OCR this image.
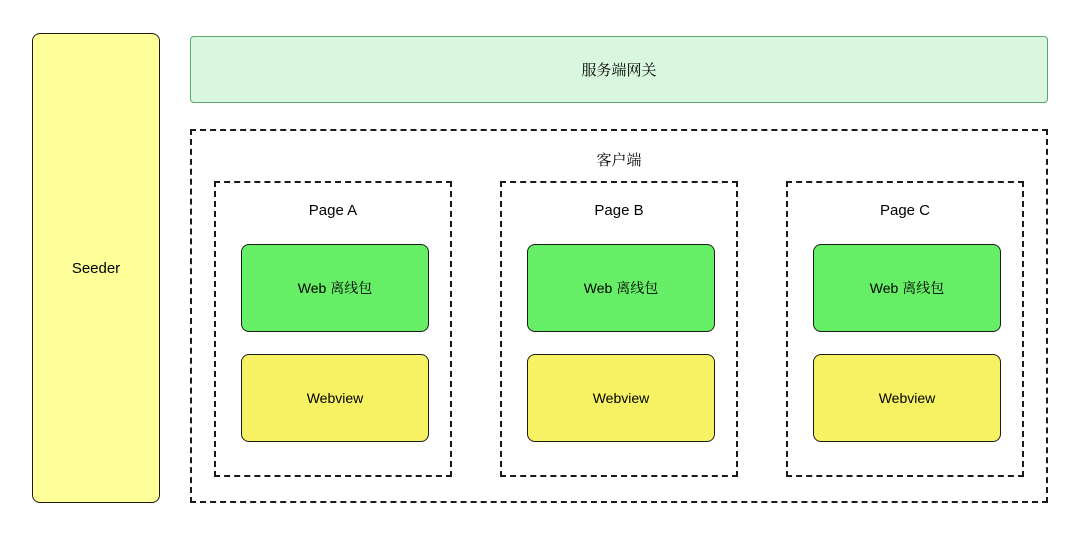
Seeder
服务端网关
客户端
Page A
Web 离线包
Webview
Page B
Web 离线包
Webview
Page C
Web 离线包
Webview
